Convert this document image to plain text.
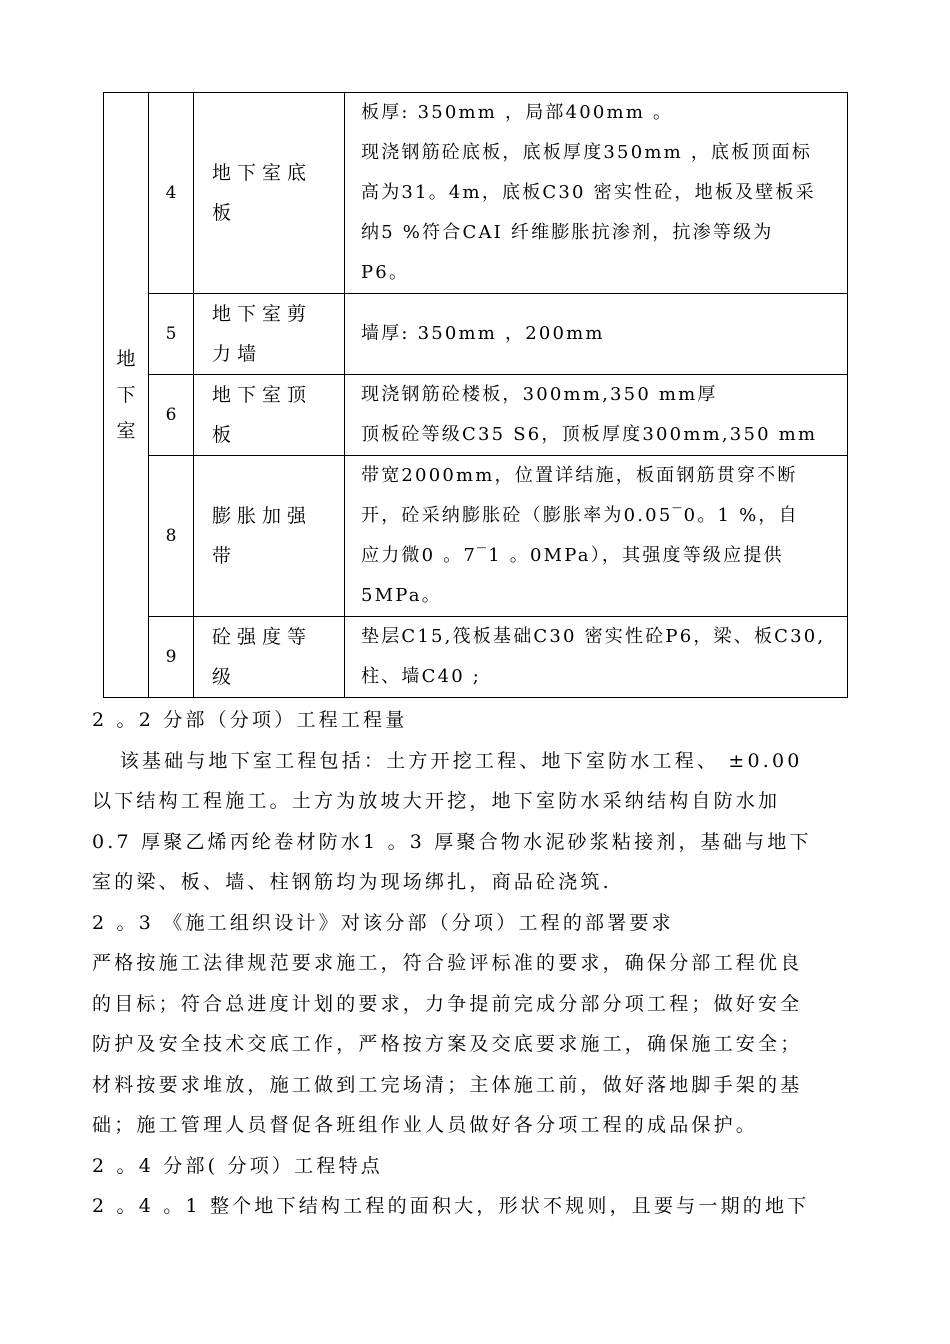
地
下
室	4	地下室底板	板厚: 350mm ，局部400mm 。
现浇钢筋砼底板，底板厚度350mm ，底板顶面标
高为31。4m，底板C30 密实性砼，地板及壁板采
纳5 %符合CAI 纤维膨胀抗渗剂，抗渗等级为
P6。

	5	地下室剪力墙	墙厚: 350mm ，200mm

	6	地下室顶板	现浇钢筋砼楼板，300mm,350 mm厚
顶板砼等级C35 S6，顶板厚度300mm,350 mm

	8	膨胀加强带	带宽2000mm，位置详结施，板面钢筋贯穿不断
开，砼采纳膨胀砼（膨胀率为0.05‾0。1 %，自
应力微0 。7‾1 。0MPa），其强度等级应提供
5MPa。

	9	砼强度等级	垫层C15,筏板基础C30 密实性砼P6，梁、板C30,
柱、墙C40 ;
2 。2 分部（分项）工程工程量
该基础与地下室工程包括：土方开挖工程、地下室防水工程、 ±0.00
以下结构工程施工。土方为放坡大开挖，地下室防水采纳结构自防水加
0.7 厚聚乙烯丙纶卷材防水1 。3 厚聚合物水泥砂浆粘接剂，基础与地下
室的梁、板、墙、柱钢筋均为现场绑扎，商品砼浇筑.
2 。3 《施工组织设计》对该分部（分项）工程的部署要求
严格按施工法律规范要求施工，符合验评标准的要求，确保分部工程优良
的目标；符合总进度计划的要求，力争提前完成分部分项工程；做好安全
防护及安全技术交底工作，严格按方案及交底要求施工，确保施工安全；
材料按要求堆放，施工做到工完场清；主体施工前，做好落地脚手架的基
础；施工管理人员督促各班组作业人员做好各分项工程的成品保护。
2 。4 分部( 分项）工程特点
2 。4 。1 整个地下结构工程的面积大，形状不规则，且要与一期的地下
